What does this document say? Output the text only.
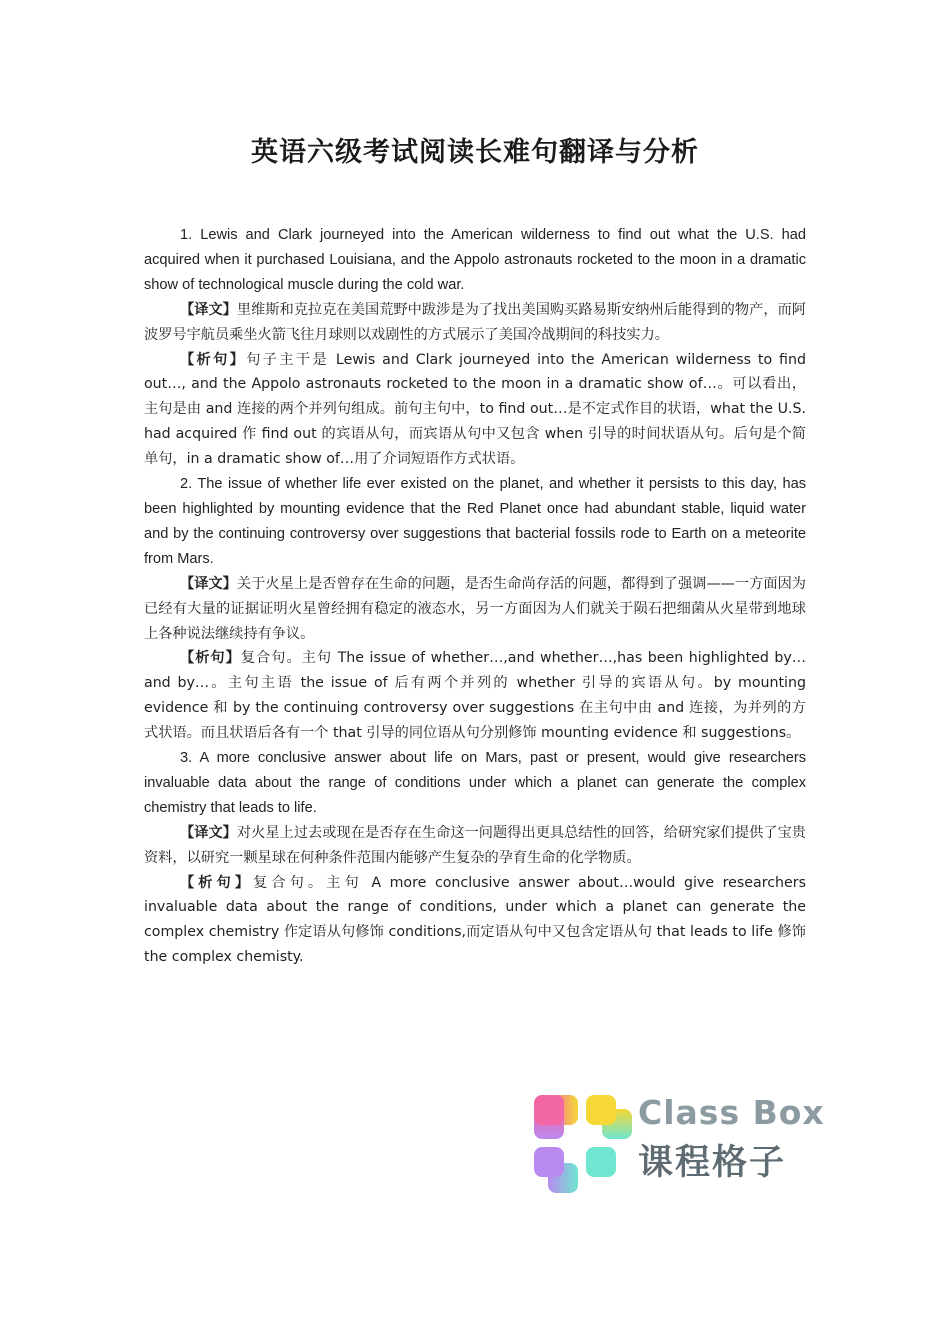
英语六级考试阅读长难句翻译与分析

1. Lewis and Clark journeyed into the American wilderness to find out what the U.S. had acquired when it purchased Louisiana, and the Appolo astronauts rocketed to the moon in a dramatic show of technological muscle during the cold war.

【译文】里维斯和克拉克在美国荒野中跋涉是为了找出美国购买路易斯安纳州后能得到的物产，而阿波罗号宇航员乘坐火箭飞往月球则以戏剧性的方式展示了美国冷战期间的科技实力。

【析句】句子主干是 Lewis and Clark journeyed into the American wilderness to find out…, and the Appolo astronauts rocketed to the moon in a dramatic show of…。可以看出，主句是由 and 连接的两个并列句组成。前句主句中，to find out…是不定式作目的状语，what the U.S. had acquired 作 find out 的宾语从句，而宾语从句中又包含 when 引导的时间状语从句。后句是个简单句，in a dramatic show of…用了介词短语作方式状语。

2. The issue of whether life ever existed on the planet, and whether it persists to this day, has been highlighted by mounting evidence that the Red Planet once had abundant stable, liquid water and by the continuing controversy over suggestions that bacterial fossils rode to Earth on a meteorite from Mars.

【译文】关于火星上是否曾存在生命的问题，是否生命尚存活的问题，都得到了强调——一方面因为已经有大量的证据证明火星曾经拥有稳定的液态水，另一方面因为人们就关于陨石把细菌从火星带到地球上各种说法继续持有争议。

【析句】复合句。主句 The issue of whether…,and whether…,has been highlighted by…and by…。主句主语 the issue of 后有两个并列的 whether 引导的宾语从句。by mounting evidence 和 by the continuing controversy over suggestions 在主句中由 and 连接，为并列的方式状语。而且状语后各有一个 that 引导的同位语从句分别修饰 mounting evidence 和 suggestions。

3. A more conclusive answer about life on Mars, past or present, would give researchers invaluable data about the range of conditions under which a planet can generate the complex chemistry that leads to life.

【译文】对火星上过去或现在是否存在生命这一问题得出更具总结性的回答，给研究家们提供了宝贵资料，以研究一颗星球在何种条件范围内能够产生复杂的孕育生命的化学物质。

【析句】复合句。主句 A more conclusive answer about…would give researchers invaluable data about the range of conditions, under which a planet can generate the complex chemistry 作定语从句修饰 conditions,而定语从句中又包含定语从句 that leads to life 修饰 the complex chemisty.

Class Box
课程格子
